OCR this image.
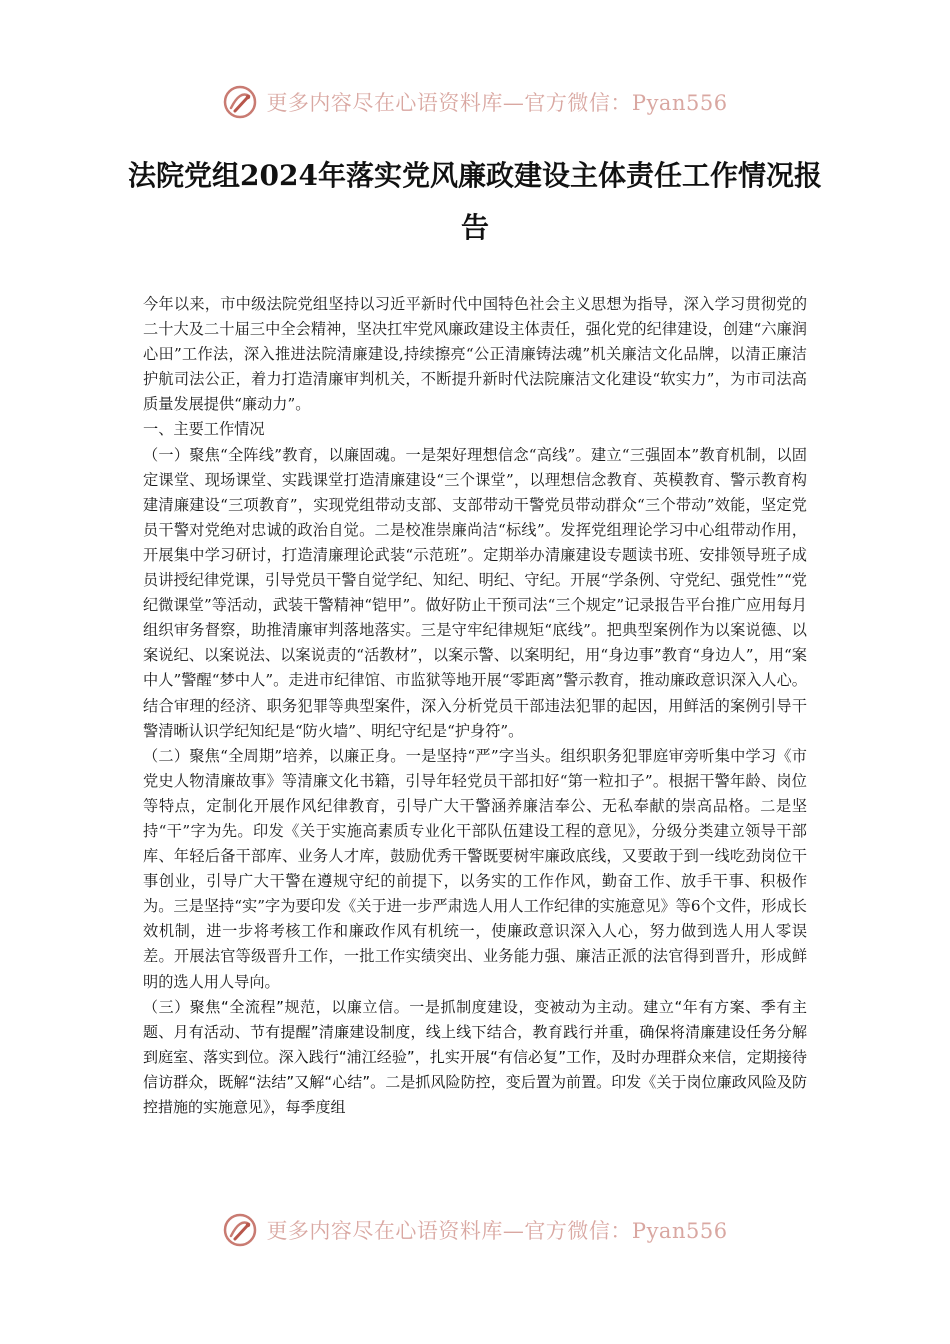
更多内容尽在心语资料库—官方微信：Pyan556
法院党组2024年落实党风廉政建设主体责任工作情况报告

今年以来，市中级法院党组坚持以习近平新时代中国特色社会主义思想为指导，深入学习贯彻党的二十大及二十届三中全会精神，坚决扛牢党风廉政建设主体责任，强化党的纪律建设，创建“六廉润心田”工作法，深入推进法院清廉建设,持续擦亮“公正清廉铸法魂”机关廉洁文化品牌，以清正廉洁护航司法公正，着力打造清廉审判机关，不断提升新时代法院廉洁文化建设“软实力”，为市司法高质量发展提供“廉动力”。

一、主要工作情况

（一）聚焦“全阵线”教育，以廉固魂。一是架好理想信念“高线”。建立“三强固本”教育机制，以固定课堂、现场课堂、实践课堂打造清廉建设“三个课堂”，以理想信念教育、英模教育、警示教育构建清廉建设“三项教育”，实现党组带动支部、支部带动干警党员带动群众“三个带动”效能，坚定党员干警对党绝对忠诚的政治自觉。二是校准崇廉尚洁“标线”。发挥党组理论学习中心组带动作用，开展集中学习研讨，打造清廉理论武装“示范班”。定期举办清廉建设专题读书班、安排领导班子成员讲授纪律党课，引导党员干警自觉学纪、知纪、明纪、守纪。开展“学条例、守党纪、强党性”“党纪微课堂”等活动，武装干警精神“铠甲”。做好防止干预司法“三个规定”记录报告平台推广应用每月组织审务督察，助推清廉审判落地落实。三是守牢纪律规矩“底线”。把典型案例作为以案说德、以案说纪、以案说法、以案说责的“活教材”，以案示警、以案明纪，用“身边事”教育“身边人”，用“案中人”警醒“梦中人”。走进市纪律馆、市监狱等地开展“零距离”警示教育，推动廉政意识深入人心。结合审理的经济、职务犯罪等典型案件，深入分析党员干部违法犯罪的起因，用鲜活的案例引导干警清晰认识学纪知纪是“防火墙”、明纪守纪是“护身符”。

（二）聚焦“全周期”培养，以廉正身。一是坚持“严”字当头。组织职务犯罪庭审旁听集中学习《市党史人物清廉故事》等清廉文化书籍，引导年轻党员干部扣好“第一粒扣子”。根据干警年龄、岗位等特点，定制化开展作风纪律教育，引导广大干警涵养廉洁奉公、无私奉献的崇高品格。二是坚持“干”字为先。印发《关于实施高素质专业化干部队伍建设工程的意见》，分级分类建立领导干部库、年轻后备干部库、业务人才库，鼓励优秀干警既要树牢廉政底线，又要敢于到一线吃劲岗位干事创业，引导广大干警在遵规守纪的前提下，以务实的工作作风，勤奋工作、放手干事、积极作为。三是坚持“实”字为要印发《关于进一步严肃选人用人工作纪律的实施意见》等6个文件，形成长效机制，进一步将考核工作和廉政作风有机统一，使廉政意识深入人心，努力做到选人用人零误差。开展法官等级晋升工作，一批工作实绩突出、业务能力强、廉洁正派的法官得到晋升，形成鲜明的选人用人导向。

（三）聚焦“全流程”规范，以廉立信。一是抓制度建设，变被动为主动。建立“年有方案、季有主题、月有活动、节有提醒”清廉建设制度，线上线下结合，教育践行并重，确保将清廉建设任务分解到庭室、落实到位。深入践行“浦江经验”，扎实开展“有信必复”工作，及时办理群众来信，定期接待信访群众，既解“法结”又解“心结”。二是抓风险防控，变后置为前置。印发《关于岗位廉政风险及防控措施的实施意见》，每季度组

更多内容尽在心语资料库—官方微信：Pyan556
